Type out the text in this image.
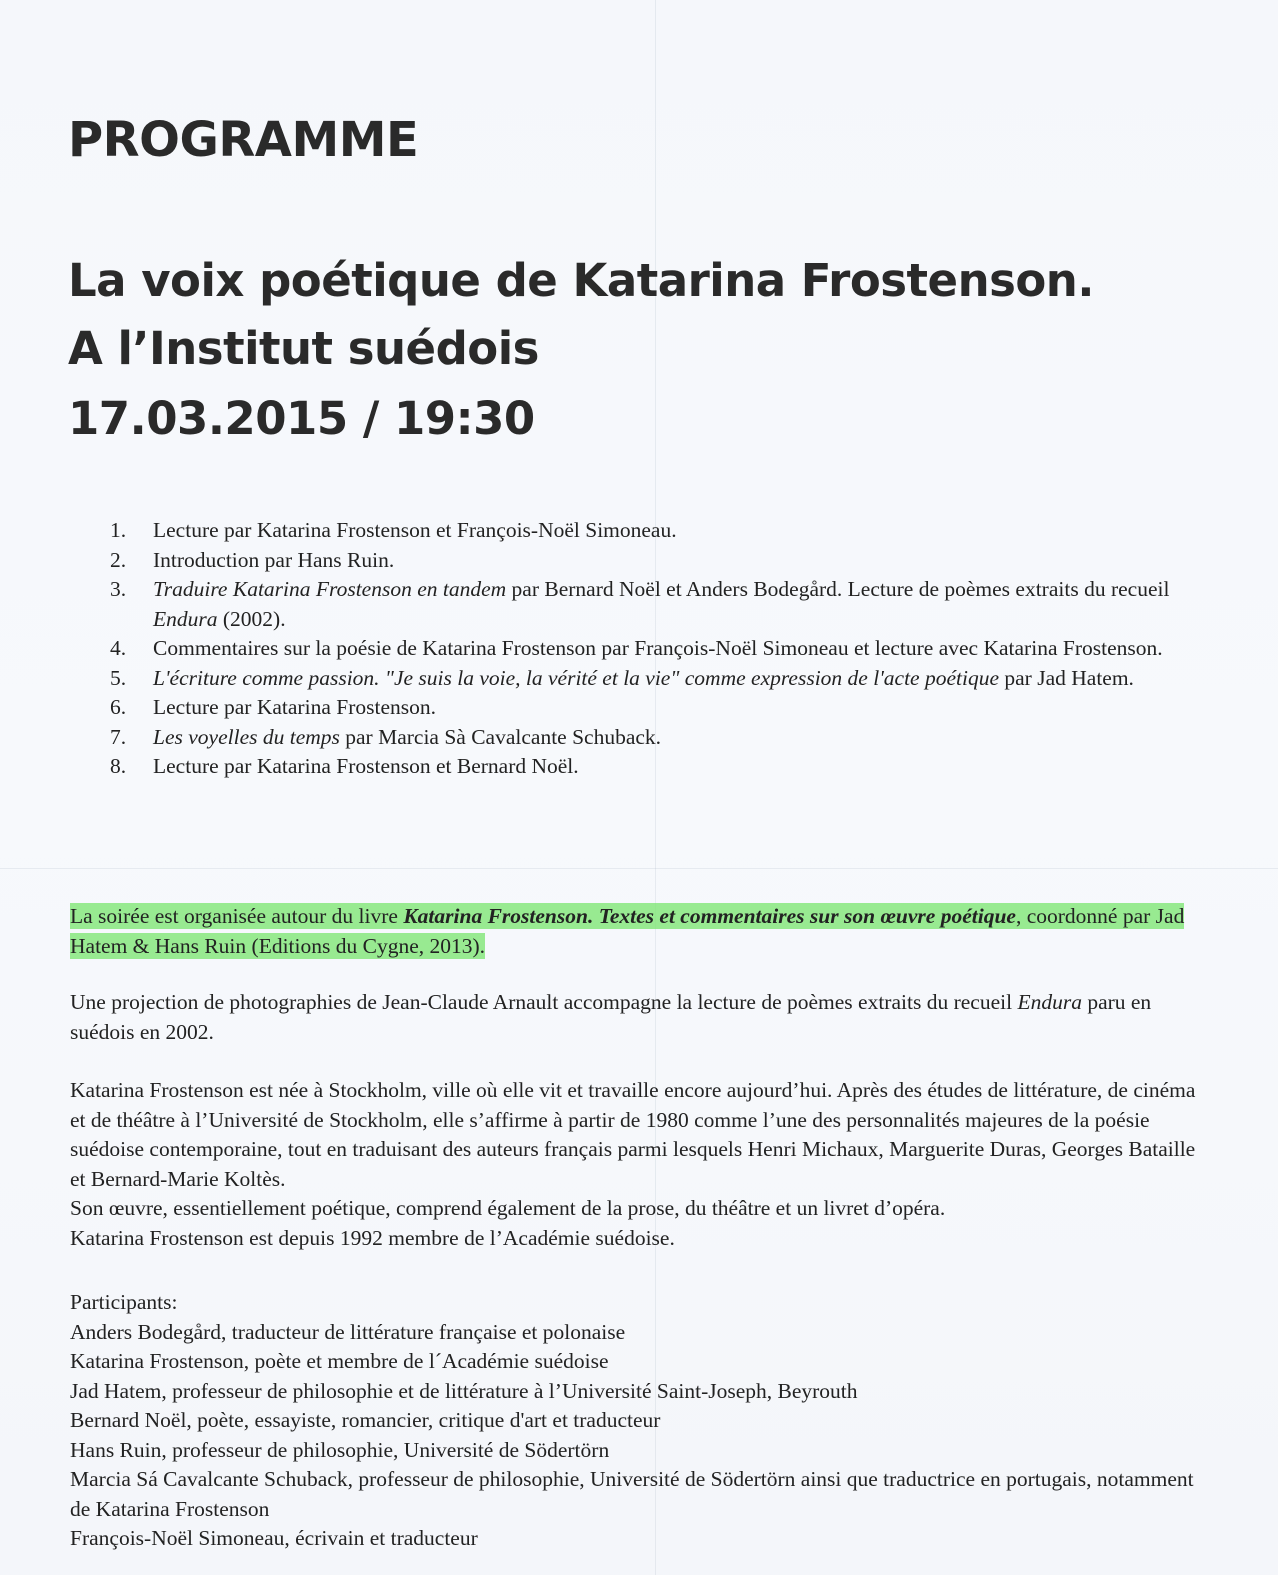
PROGRAMME
La voix poétique de Katarina Frostenson.
A l’Institut suédois
17.03.2015 / 19:30
1. Lecture par Katarina Frostenson et François-Noël Simoneau.
2. Introduction par Hans Ruin.
3. Traduire Katarina Frostenson en tandem par Bernard Noël et Anders Bodegård. Lecture de poèmes extraits du recueil Endura (2002).
4. Commentaires sur la poésie de Katarina Frostenson par François-Noël Simoneau et lecture avec Katarina Frostenson.
5. L'écriture comme passion. "Je suis la voie, la vérité et la vie" comme expression de l'acte poétique par Jad Hatem.
6. Lecture par Katarina Frostenson.
7. Les voyelles du temps par Marcia Sà Cavalcante Schuback.
8. Lecture par Katarina Frostenson et Bernard Noël.

La soirée est organisée autour du livre Katarina Frostenson. Textes et commentaires sur son œuvre poétique, coordonné par Jad Hatem & Hans Ruin (Editions du Cygne, 2013).

Une projection de photographies de Jean-Claude Arnault accompagne la lecture de poèmes extraits du recueil Endura paru en suédois en 2002.

Katarina Frostenson est née à Stockholm, ville où elle vit et travaille encore aujourd’hui. Après des études de littérature, de cinéma et de théâtre à l’Université de Stockholm, elle s’affirme à partir de 1980 comme l’une des personnalités majeures de la poésie suédoise contemporaine, tout en traduisant des auteurs français parmi lesquels Henri Michaux, Marguerite Duras, Georges Bataille et Bernard-Marie Koltès.
Son œuvre, essentiellement poétique, comprend également de la prose, du théâtre et un livret d’opéra.
Katarina Frostenson est depuis 1992 membre de l’Académie suédoise.
Participants:
Anders Bodegård, traducteur de littérature française et polonaise
Katarina Frostenson, poète et membre de l´Académie suédoise
Jad Hatem, professeur de philosophie et de littérature à l’Université Saint-Joseph, Beyrouth
Bernard Noël, poète, essayiste, romancier, critique d'art et traducteur
Hans Ruin, professeur de philosophie, Université de Södertörn
Marcia Sá Cavalcante Schuback, professeur de philosophie, Université de Södertörn ainsi que traductrice en portugais, notamment de Katarina Frostenson
François-Noël Simoneau, écrivain et traducteur
